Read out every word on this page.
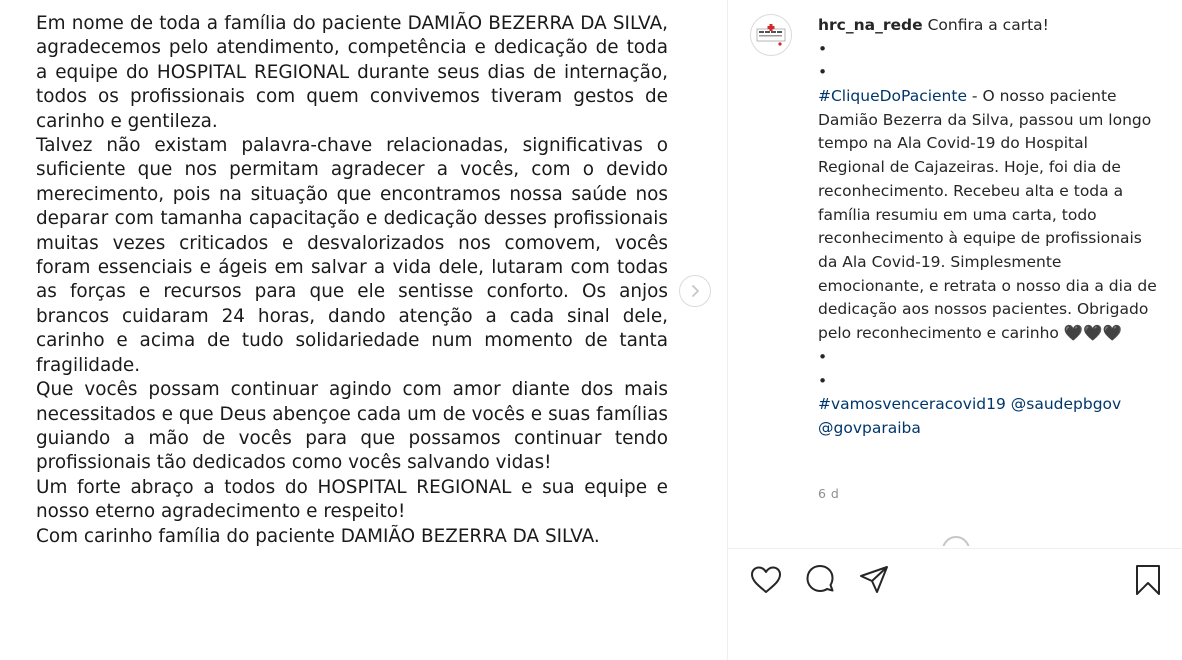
Em nome de toda a família do paciente DAMIÃO BEZERRA DA SILVA, agradecemos pelo atendimento, competência e dedicação de toda a equipe do HOSPITAL REGIONAL durante seus dias de internação, todos os profissionais com quem convivemos tiveram gestos de carinho e gentileza.

Talvez não existam palavra-chave relacionadas, significativas o suficiente que nos permitam agradecer a vocês, com o devido merecimento, pois na situação que encontramos nossa saúde nos deparar com tamanha capacitação e dedicação desses profissionais muitas vezes criticados e desvalorizados nos comovem, vocês foram essenciais e ágeis em salvar a vida dele, lutaram com todas as forças e recursos para que ele sentisse conforto. Os anjos brancos cuidaram 24 horas, dando atenção a cada sinal dele, carinho e acima de tudo solidariedade num momento de tanta fragilidade.

Que vocês possam continuar agindo com amor diante dos mais necessitados e que Deus abençoe cada um de vocês e suas famílias guiando a mão de vocês para que possamos continuar tendo profissionais tão dedicados como vocês salvando vidas!

Um forte abraço a todos do HOSPITAL REGIONAL e sua equipe e nosso eterno agradecimento e respeito!

Com carinho família do paciente DAMIÃO BEZERRA DA SILVA.

hrc_na_rede Confira a carta!
•
•
#CliqueDoPaciente - O nosso paciente Damião Bezerra da Silva, passou um longo tempo na Ala Covid-19 do Hospital Regional de Cajazeiras. Hoje, foi dia de reconhecimento. Recebeu alta e toda a família resumiu em uma carta, todo reconhecimento à equipe de profissionais da Ala Covid-19. Simplesmente emocionante, e retrata o nosso dia a dia de dedicação aos nossos pacientes. Obrigado pelo reconhecimento e carinho 🖤🖤🖤
•
•
#vamosvenceracovid19 @saudepbgov @govparaiba
6 d
